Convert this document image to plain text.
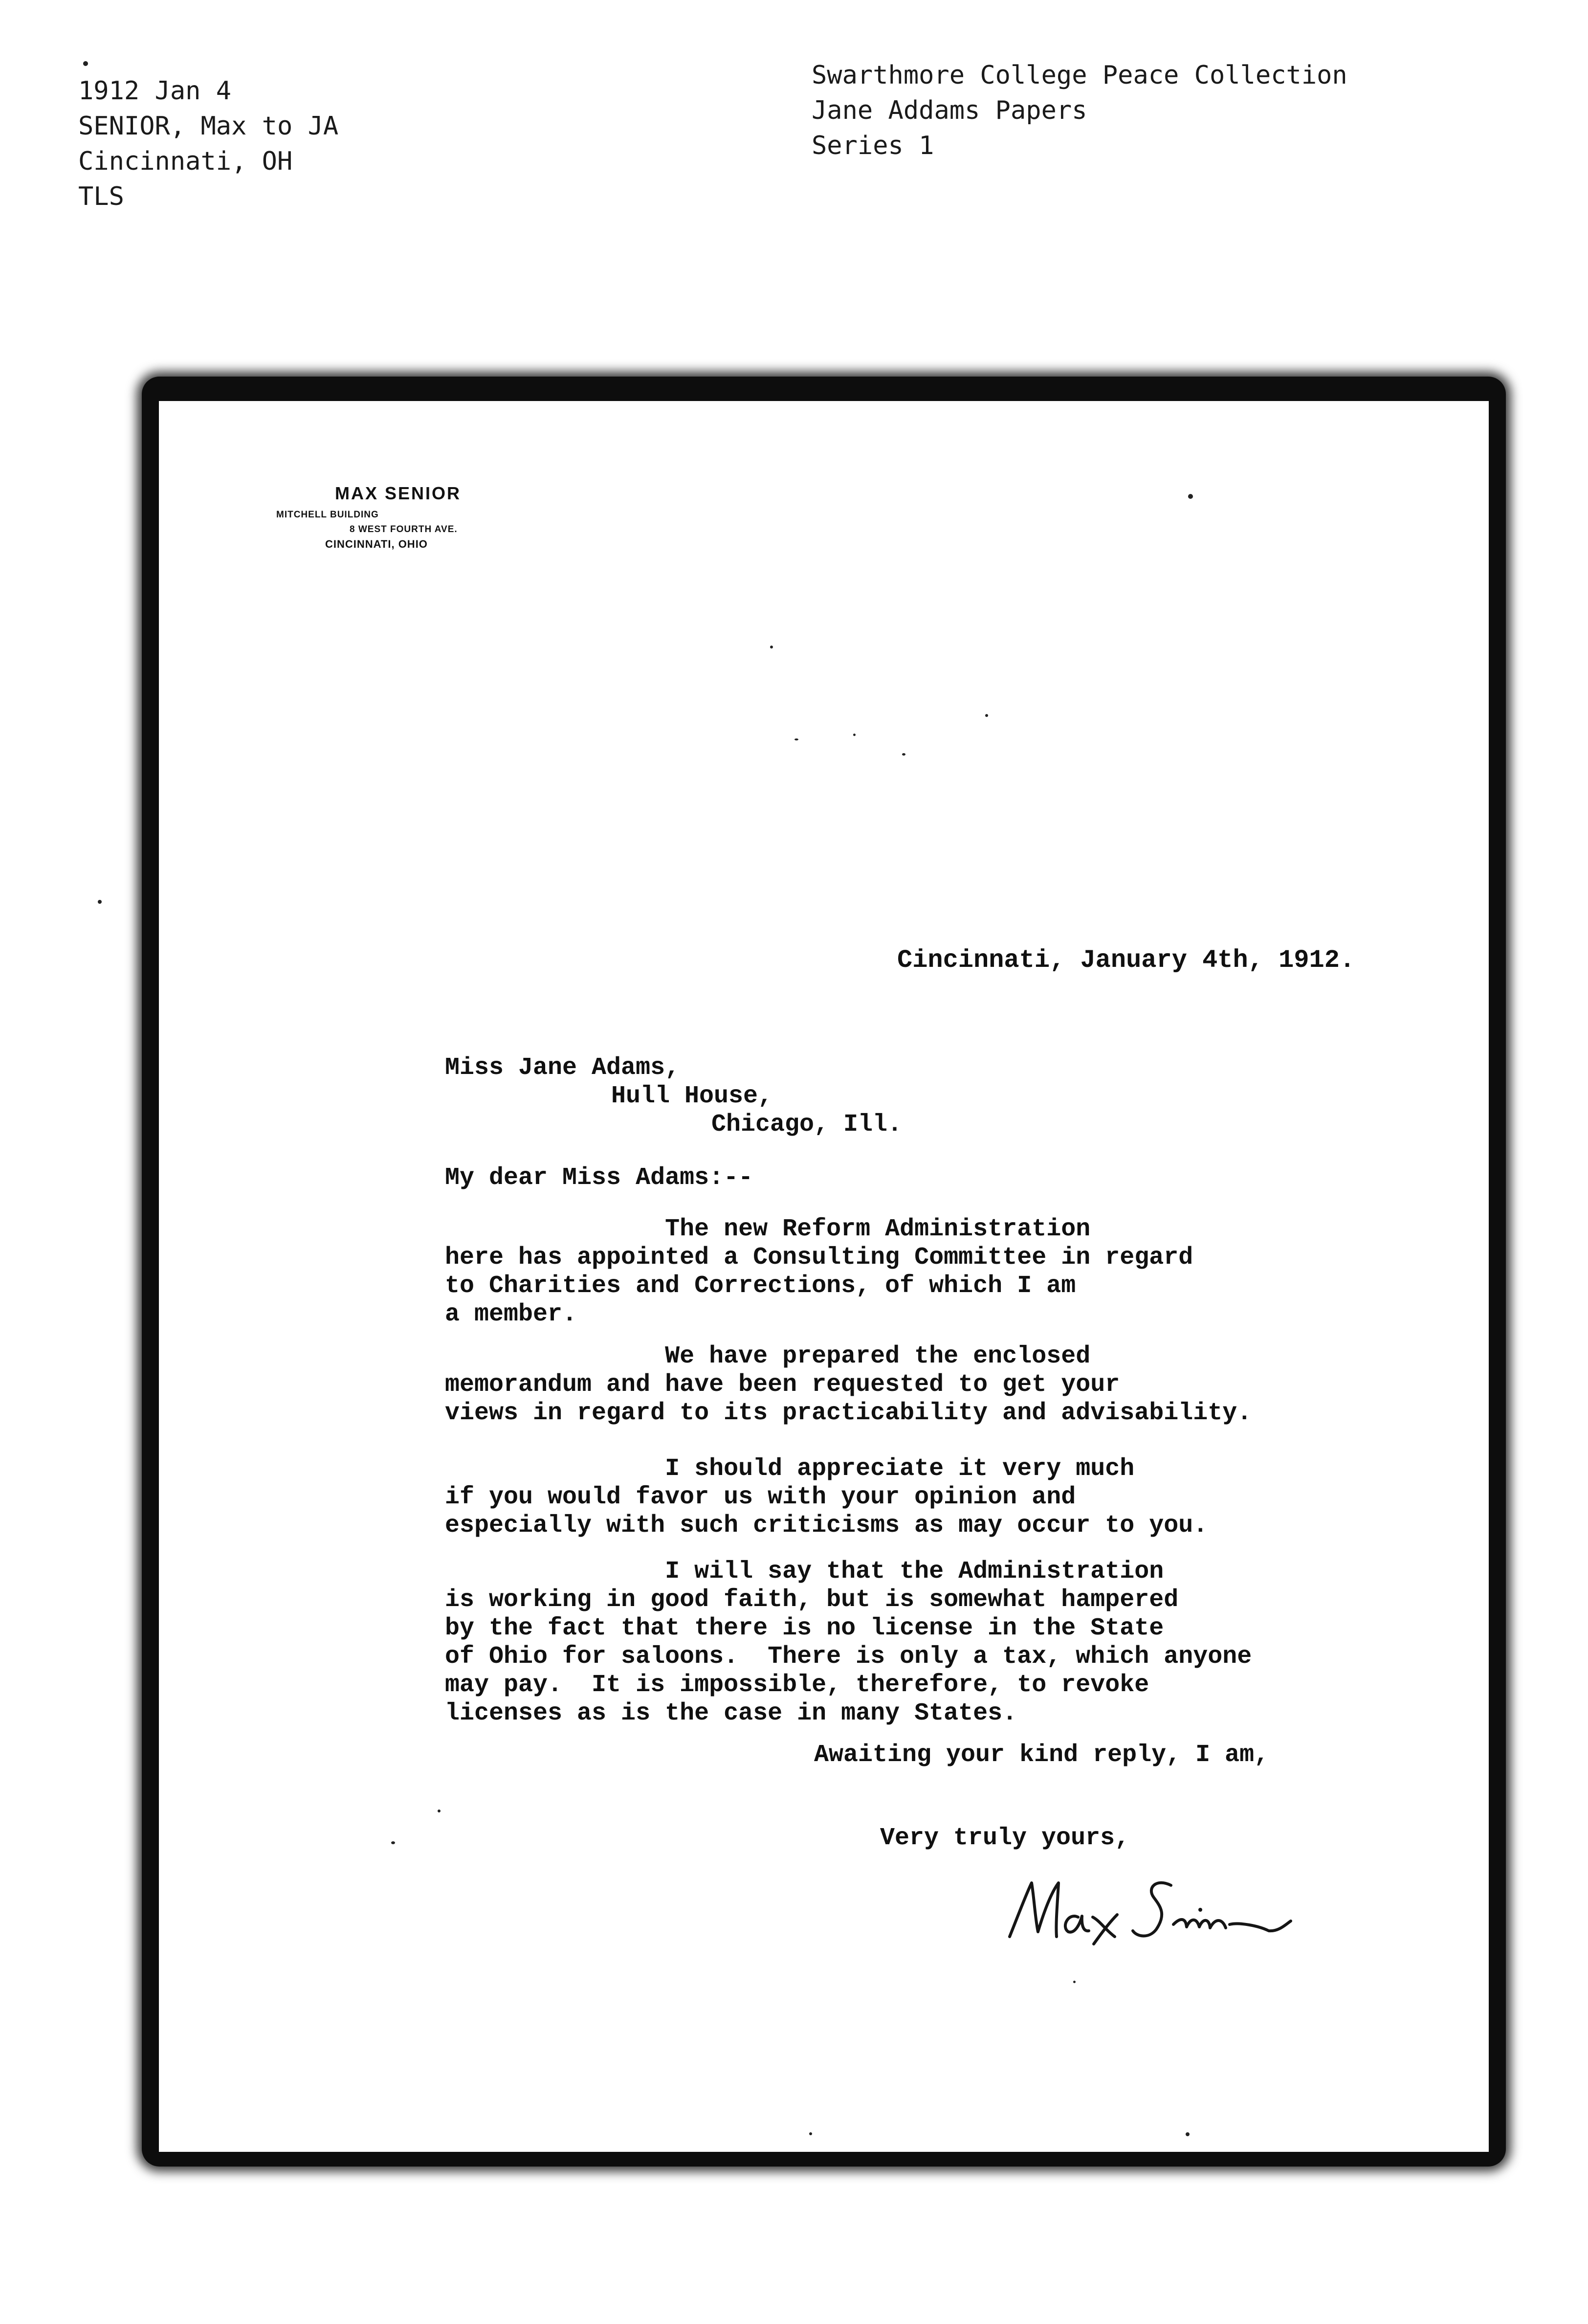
1912 Jan 4
SENIOR, Max to JA
Cincinnati, OH
TLS
Swarthmore College Peace Collection
Jane Addams Papers
Series 1
MAX SENIOR
MITCHELL BUILDING
8 WEST FOURTH AVE.
CINCINNATI, OHIO
Cincinnati, January 4th, 1912.
Miss Jane Adams,
Hull House,
Chicago, Ill.
My dear Miss Adams:--
The new Reform Administration
here has appointed a Consulting Committee in regard
to Charities and Corrections, of which I am
a member.
We have prepared the enclosed
memorandum and have been requested to get your
views in regard to its practicability and advisability.
I should appreciate it very much
if you would favor us with your opinion and
especially with such criticisms as may occur to you.
I will say that the Administration
is working in good faith, but is somewhat hampered
by the fact that there is no license in the State
of Ohio for saloons.  There is only a tax, which anyone
may pay.  It is impossible, therefore, to revoke
licenses as is the case in many States.
Awaiting your kind reply, I am,
Very truly yours,
